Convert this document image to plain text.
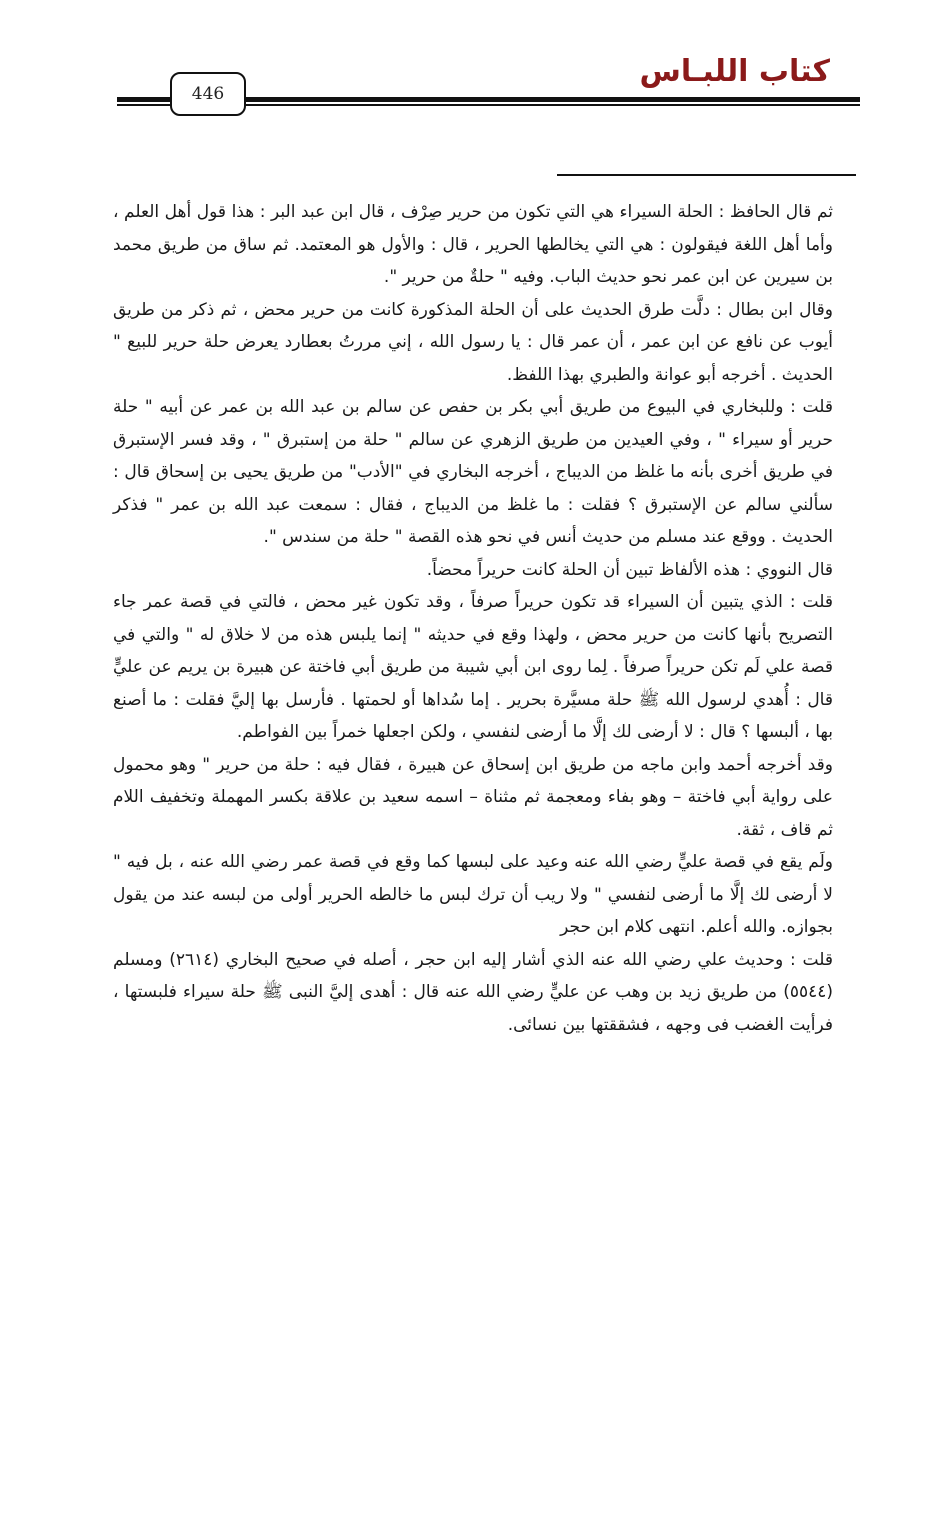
كتاب اللبـاس
446

ثم قال الحافظ : الحلة السيراء هي التي تكون من حرير صِرْف ، قال ابن عبد البر : هذا قول أهل العلم ، وأما أهل اللغة فيقولون : هي التي يخالطها الحرير ، قال : والأول هو المعتمد. ثم ساق من طريق محمد بن سيرين عن ابن عمر نحو حديث الباب. وفيه " حلةٌ من حرير ".

وقال ابن بطال : دلَّت طرق الحديث على أن الحلة المذكورة كانت من حرير محض ، ثم ذكر من طريق أيوب عن نافع عن ابن عمر ، أن عمر قال : يا رسول الله ، إني مررتُ بعطارد يعرض حلة حرير للبيع " الحديث . أخرجه أبو عوانة والطبري بهذا اللفظ.

قلت : وللبخاري في البيوع من طريق أبي بكر بن حفص عن سالم بن عبد الله بن عمر عن أبيه " حلة حرير أو سيراء " ، وفي العيدين من طريق الزهري عن سالم " حلة من إستبرق " ، وقد فسر الإستبرق في طريق أخرى بأنه ما غلظ من الديباج ، أخرجه البخاري في "الأدب" من طريق يحيى بن إسحاق قال : سألني سالم عن الإستبرق ؟ فقلت : ما غلظ من الديباج ، فقال : سمعت عبد الله بن عمر " فذكر الحديث . ووقع عند مسلم من حديث أنس في نحو هذه القصة " حلة من سندس ".

قال النووي : هذه الألفاظ تبين أن الحلة كانت حريراً محضاً.

قلت : الذي يتبين أن السيراء قد تكون حريراً صرفاً ، وقد تكون غير محض ، فالتي في قصة عمر جاء التصريح بأنها كانت من حرير محض ، ولهذا وقع في حديثه " إنما يلبس هذه من لا خلاق له " والتي في قصة علي لَم تكن حريراً صرفاً . لِما روى ابن أبي شيبة من طريق أبي فاختة عن هبيرة بن يريم عن عليٍّ قال : أُهدي لرسول الله ﷺ حلة مسيَّرة بحرير . إما سُداها أو لحمتها . فأرسل بها إليَّ فقلت : ما أصنع بها ، ألبسها ؟ قال : لا أرضى لك إلَّا ما أرضى لنفسي ، ولكن اجعلها خمراً بين الفواطم.

وقد أخرجه أحمد وابن ماجه من طريق ابن إسحاق عن هبيرة ، فقال فيه : حلة من حرير " وهو محمول على رواية أبي فاختة – وهو بفاء ومعجمة ثم مثناة – اسمه سعيد بن علاقة بكسر المهملة وتخفيف اللام ثم قاف ، ثقة.

ولَم يقع في قصة عليٍّ رضي الله عنه وعيد على لبسها كما وقع في قصة عمر رضي الله عنه ، بل فيه " لا أرضى لك إلَّا ما أرضى لنفسي " ولا ريب أن ترك لبس ما خالطه الحرير أولى من لبسه عند من يقول بجوازه. والله أعلم. انتهى كلام ابن حجر

قلت : وحديث علي رضي الله عنه الذي أشار إليه ابن حجر ، أصله في صحيح البخاري (٢٦١٤) ومسلم (٥٥٤٤) من طريق زيد بن وهب عن عليٍّ رضي الله عنه قال : أهدى إليَّ النبى ﷺ حلة سيراء فلبستها ، فرأيت الغضب فى وجهه ، فشققتها بين نسائى.
